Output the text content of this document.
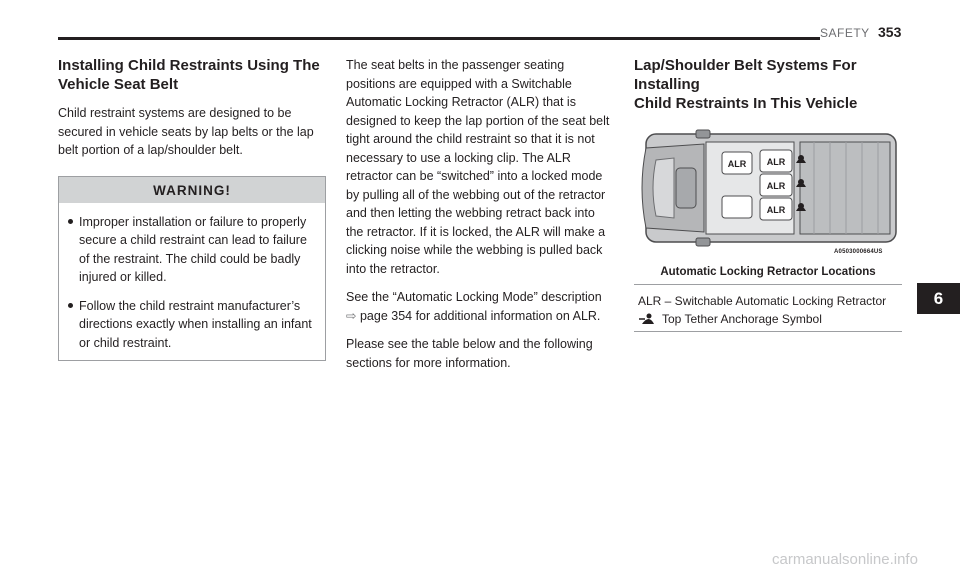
SAFETY 353
Installing Child Restraints Using The
Vehicle Seat Belt

Child restraint systems are designed to be secured in vehicle seats by lap belts or the lap belt portion of a lap/shoulder belt.

WARNING!
Improper installation or failure to properly secure a child restraint can lead to failure of the restraint. The child could be badly injured or killed.
Follow the child restraint manufacturer’s directions exactly when installing an infant or child restraint.

The seat belts in the passenger seating positions are equipped with a Switchable Automatic Locking Retractor (ALR) that is designed to keep the lap portion of the seat belt tight around the child restraint so that it is not necessary to use a locking clip. The ALR retractor can be “switched” into a locked mode by pulling all of the webbing out of the retractor and then letting the webbing retract back into the retractor. If it is locked, the ALR will make a clicking noise while the webbing is pulled back into the retractor.

See the “Automatic Locking Mode” description
⇨ page 354 for additional information on ALR.

Please see the table below and the following sections for more information.

Lap/Shoulder Belt Systems For Installing
Child Restraints In This Vehicle
ALR ALR
ALR
ALR
A0503000664US
Automatic Locking Retractor Locations
ALR – Switchable Automatic Locking Retractor
Top Tether Anchorage Symbol
6
carmanualsonline.info
